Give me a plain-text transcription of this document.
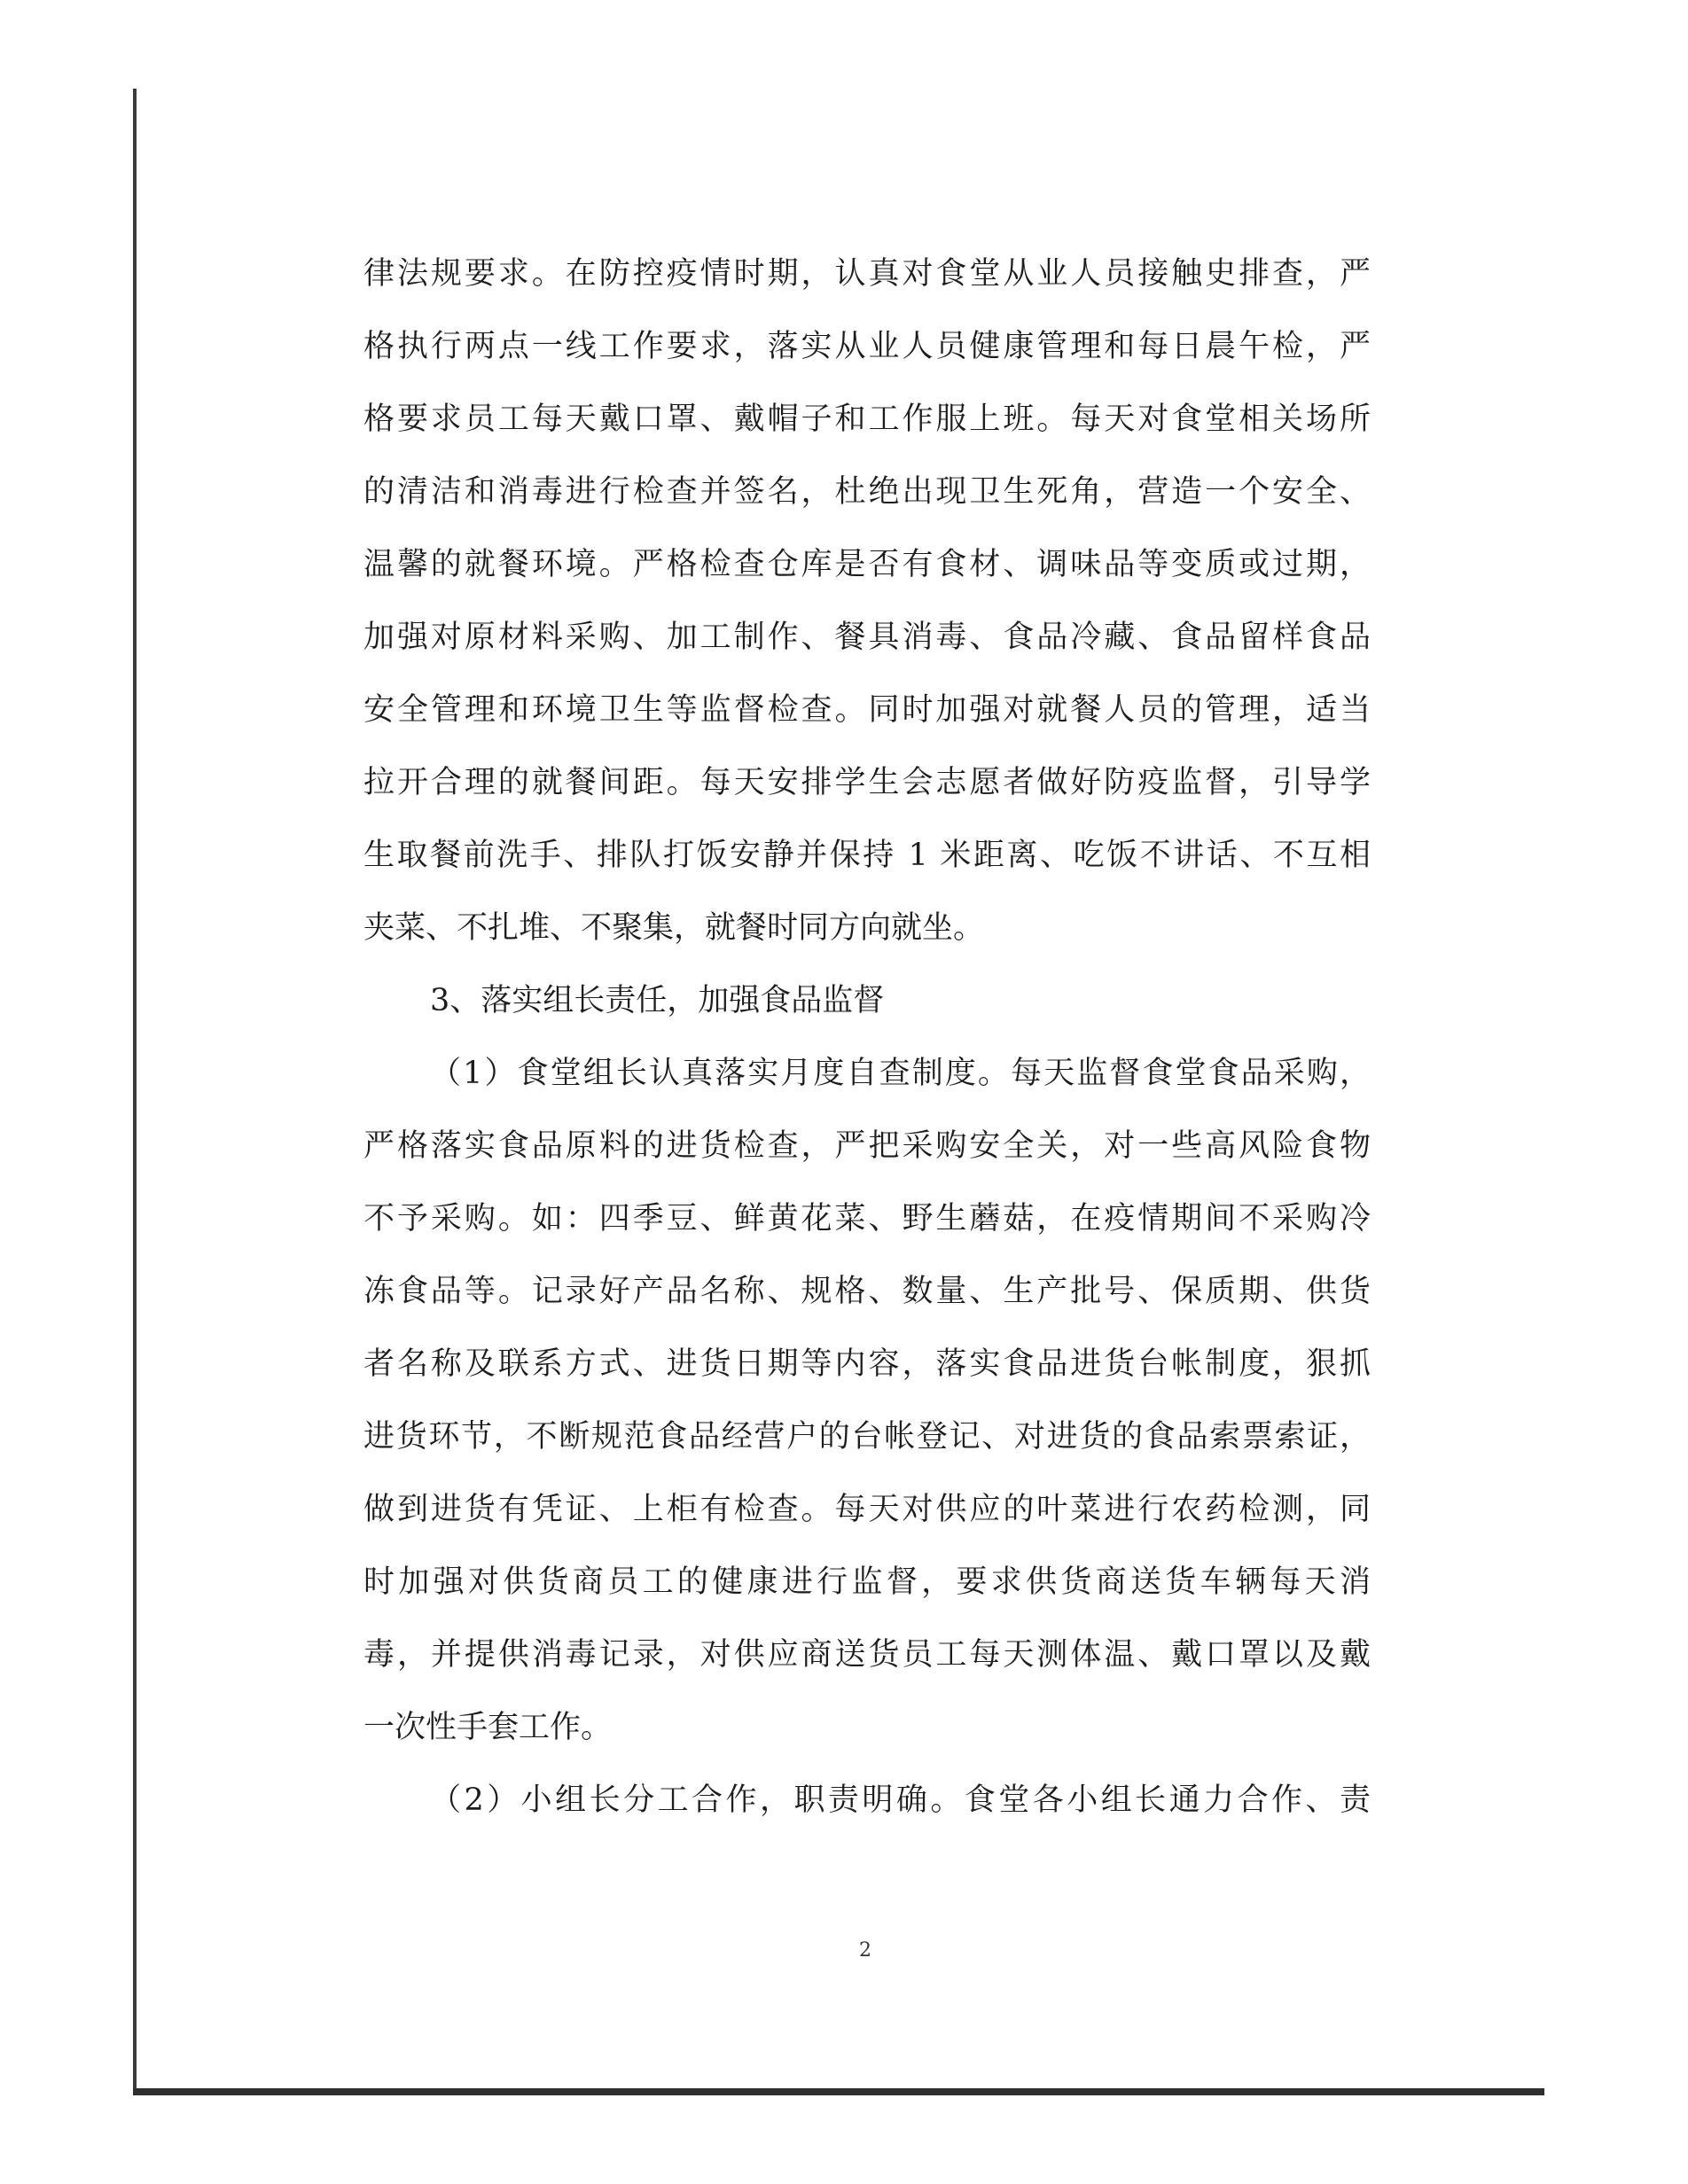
律法规要求。在防控疫情时期，认真对食堂从业人员接触史排查，严
格执行两点一线工作要求，落实从业人员健康管理和每日晨午检，严
格要求员工每天戴口罩、戴帽子和工作服上班。每天对食堂相关场所
的清洁和消毒进行检查并签名，杜绝出现卫生死角，营造一个安全、
温馨的就餐环境。严格检查仓库是否有食材、调味品等变质或过期，
加强对原材料采购、加工制作、餐具消毒、食品冷藏、食品留样食品
安全管理和环境卫生等监督检查。同时加强对就餐人员的管理，适当
拉开合理的就餐间距。每天安排学生会志愿者做好防疫监督，引导学
生取餐前洗手、排队打饭安静并保持 1 米距离、吃饭不讲话、不互相
夹菜、不扎堆、不聚集，就餐时同方向就坐。
3、落实组长责任，加强食品监督
（1）食堂组长认真落实月度自查制度。每天监督食堂食品采购，
严格落实食品原料的进货检查，严把采购安全关，对一些高风险食物
不予采购。如：四季豆、鲜黄花菜、野生蘑菇，在疫情期间不采购冷
冻食品等。记录好产品名称、规格、数量、生产批号、保质期、供货
者名称及联系方式、进货日期等内容，落实食品进货台帐制度，狠抓
进货环节，不断规范食品经营户的台帐登记、对进货的食品索票索证，
做到进货有凭证、上柜有检查。每天对供应的叶菜进行农药检测，同
时加强对供货商员工的健康进行监督，要求供货商送货车辆每天消
毒，并提供消毒记录，对供应商送货员工每天测体温、戴口罩以及戴
一次性手套工作。
（2）小组长分工合作，职责明确。食堂各小组长通力合作、责
2
